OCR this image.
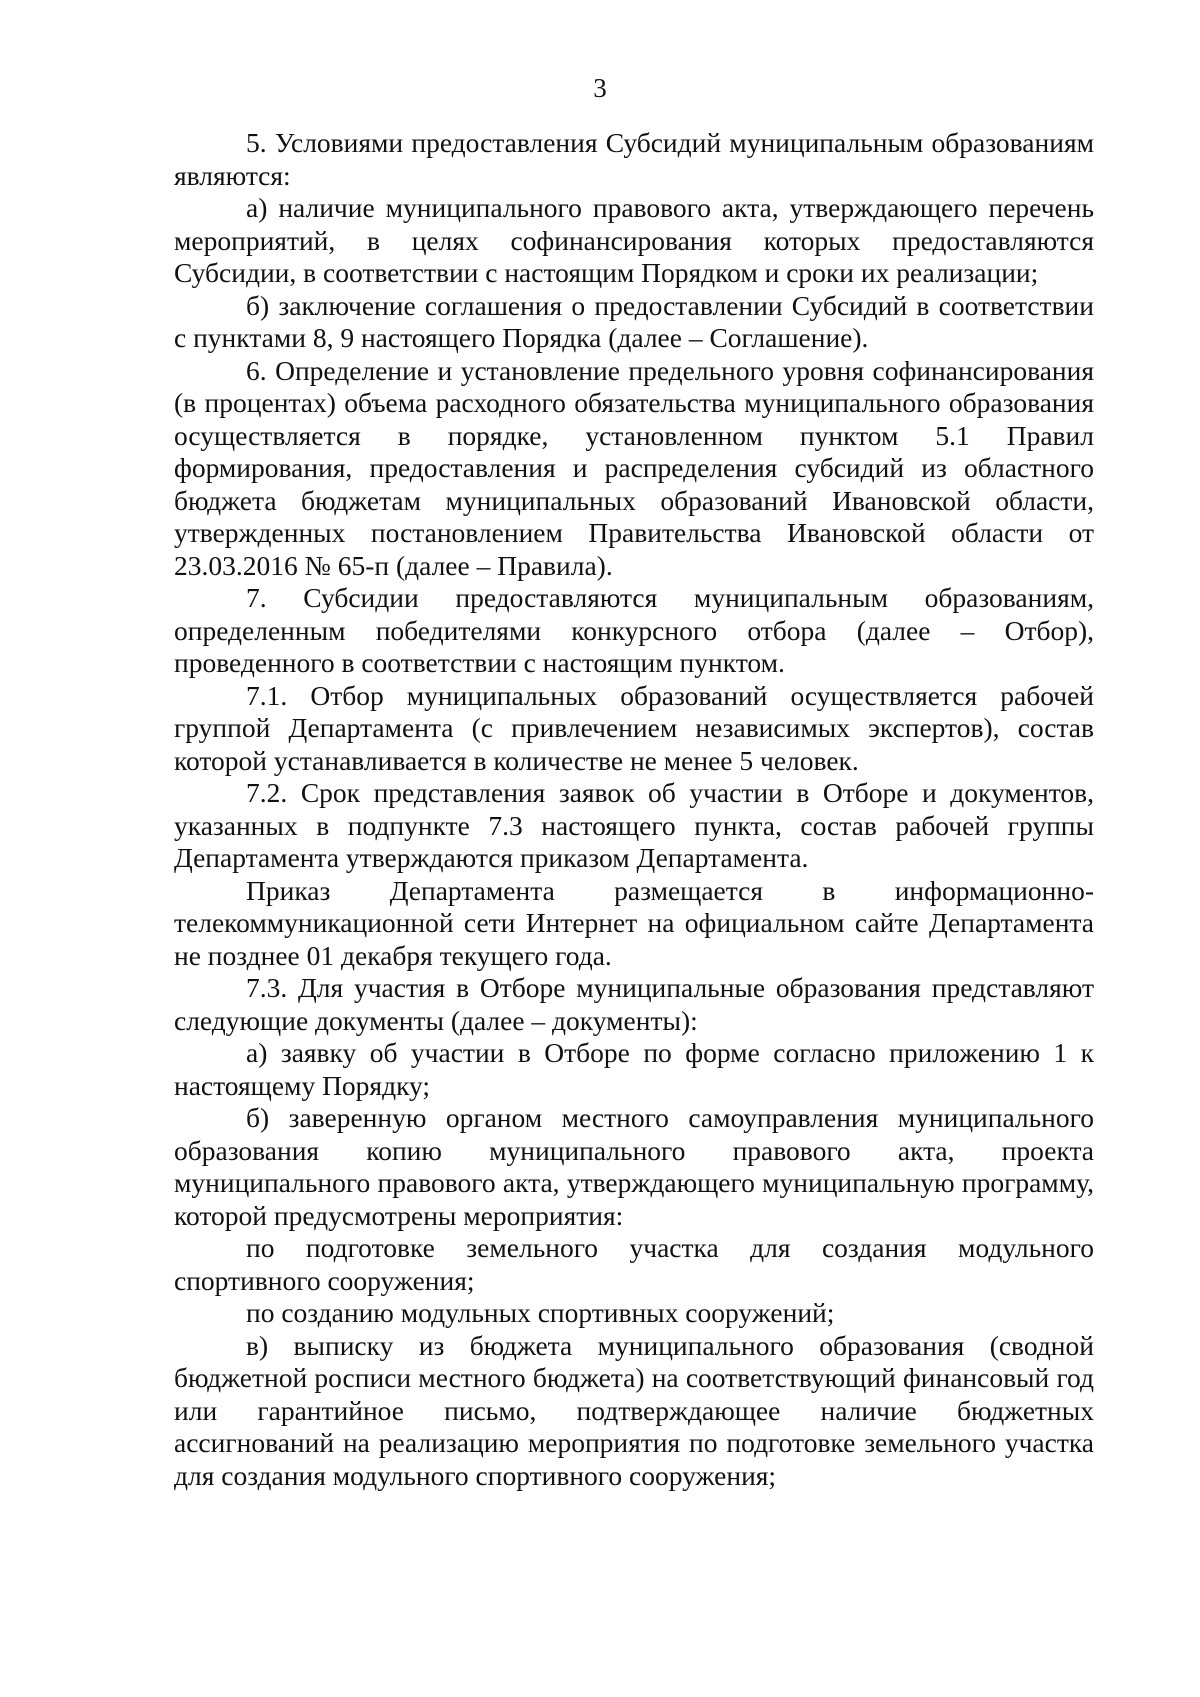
3

5. Условиями предоставления Субсидий муниципальным образованиям являются:

а) наличие муниципального правового акта, утверждающего перечень мероприятий, в целях софинансирования которых предоставляются Субсидии, в соответствии с настоящим Порядком и сроки их реализации;

б) заключение соглашения о предоставлении Субсидий в соответствии с пунктами 8, 9 настоящего Порядка (далее – Соглашение).

6. Определение и установление предельного уровня софинансирования (в процентах) объема расходного обязательства муниципального образования осуществляется в порядке, установленном пунктом 5.1 Правил формирования, предоставления и распределения субсидий из областного бюджета бюджетам муниципальных образований Ивановской области, утвержденных постановлением Правительства Ивановской области от 23.03.2016 № 65-п (далее – Правила).

7. Субсидии предоставляются муниципальным образованиям, определенным победителями конкурсного отбора (далее – Отбор), проведенного в соответствии с настоящим пунктом.

7.1. Отбор муниципальных образований осуществляется рабочей группой Департамента (с привлечением независимых экспертов), состав которой устанавливается в количестве не менее 5 человек.

7.2. Срок представления заявок об участии в Отборе и документов, указанных в подпункте 7.3 настоящего пункта, состав рабочей группы Департамента утверждаются приказом Департамента.

Приказ Департамента размещается в информационно-телекоммуникационной сети Интернет на официальном сайте Департамента не позднее 01 декабря текущего года.

7.3. Для участия в Отборе муниципальные образования представляют следующие документы (далее – документы):

а) заявку об участии в Отборе по форме согласно приложению 1 к настоящему Порядку;

б) заверенную органом местного самоуправления муниципального образования копию муниципального правового акта, проекта муниципального правового акта, утверждающего муниципальную программу, которой предусмотрены мероприятия:

по подготовке земельного участка для создания модульного спортивного сооружения;

по созданию модульных спортивных сооружений;

в) выписку из бюджета муниципального образования (сводной бюджетной росписи местного бюджета) на соответствующий финансовый год или гарантийное письмо, подтверждающее наличие бюджетных ассигнований на реализацию мероприятия по подготовке земельного участка для создания модульного спортивного сооружения;
